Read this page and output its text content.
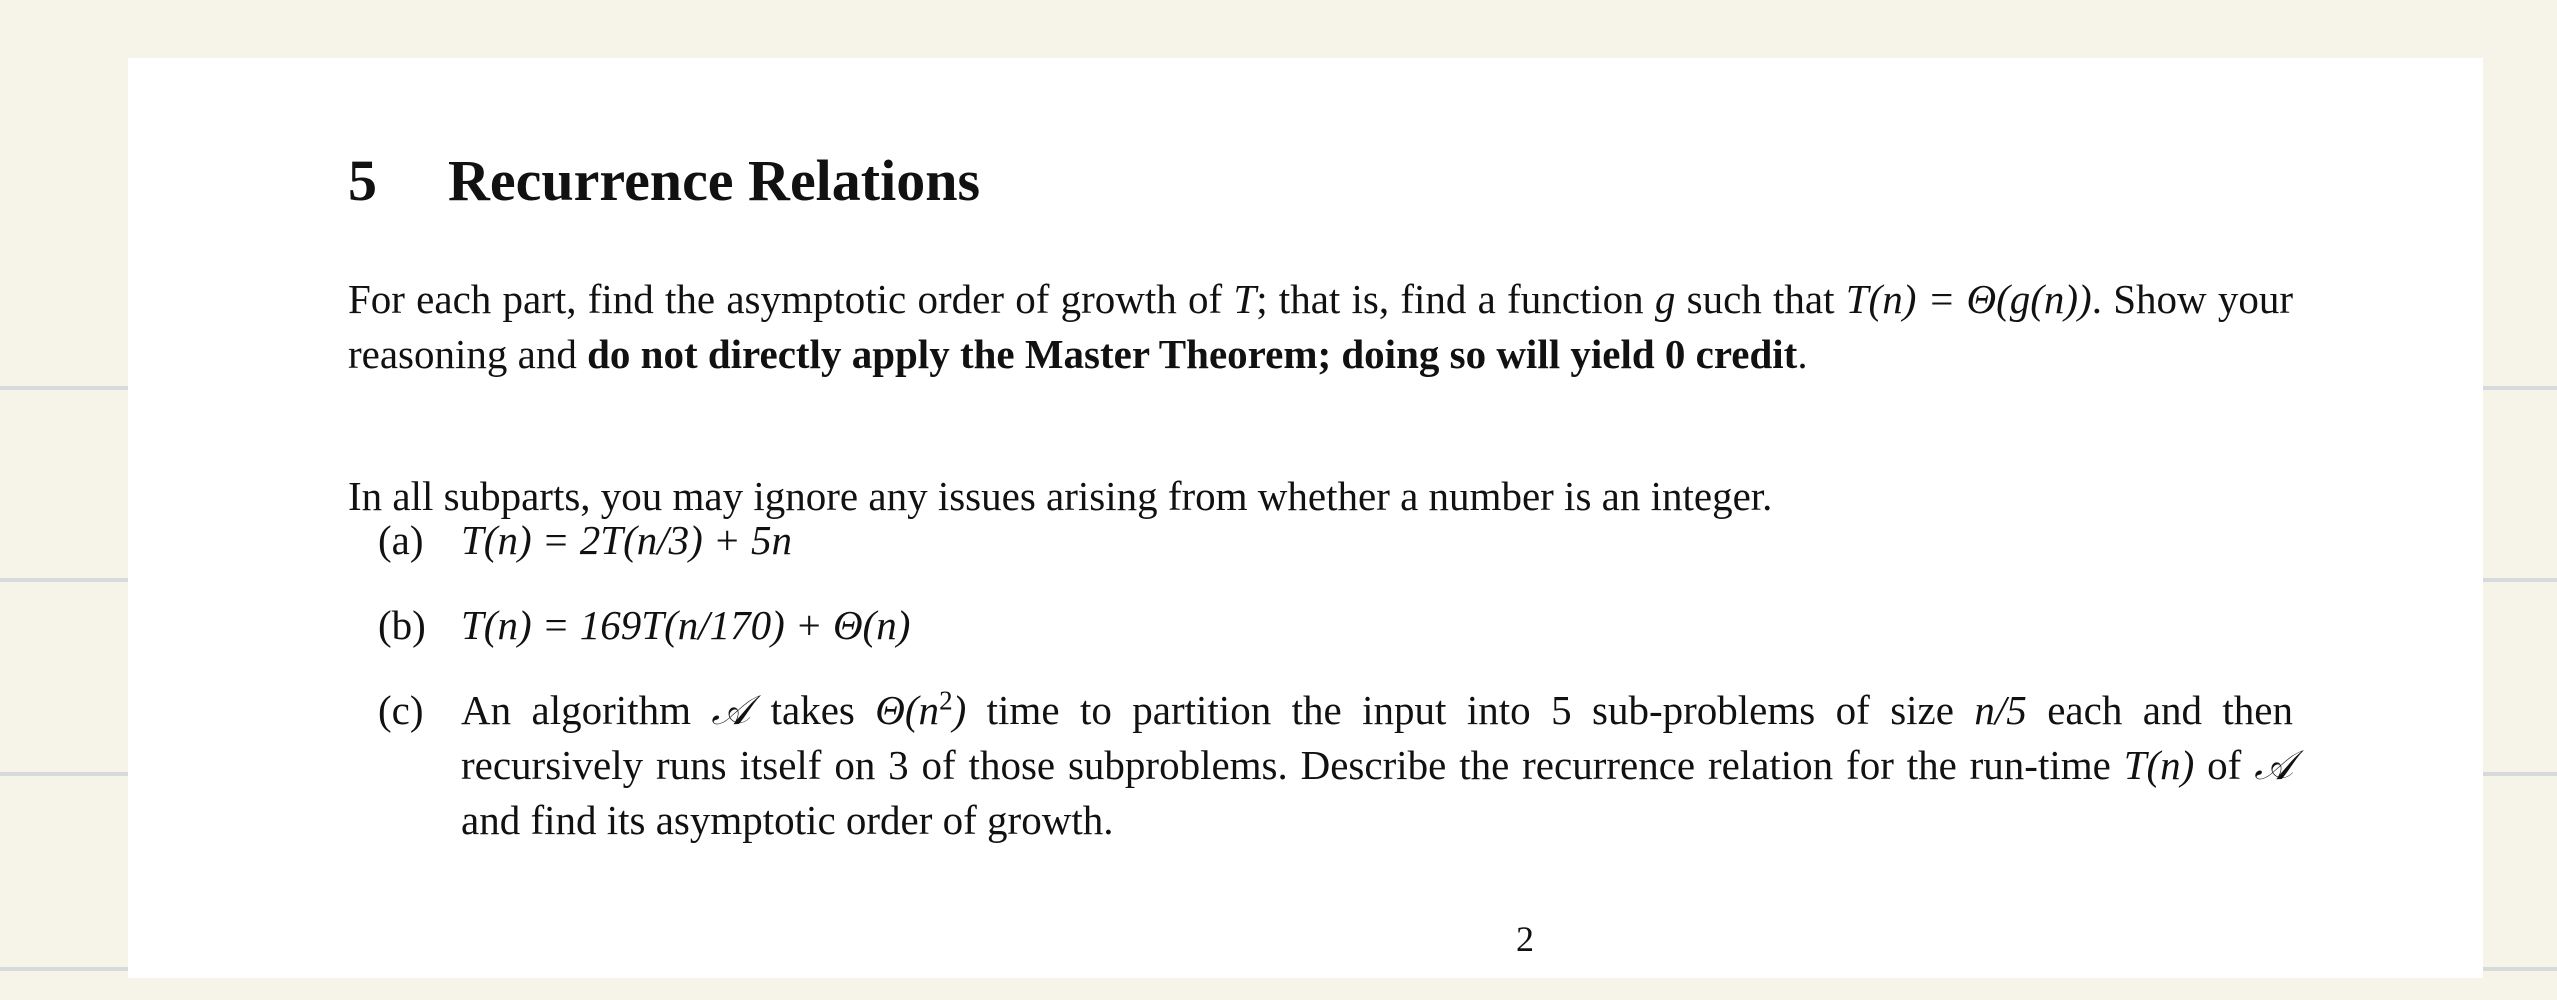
5 Recurrence Relations

For each part, find the asymptotic order of growth of T; that is, find a function g such that T(n) = Θ(g(n)). Show your reasoning and do not directly apply the Master Theorem; doing so will yield 0 credit.

In all subparts, you may ignore any issues arising from whether a number is an integer.

(a) T(n) = 2T(n/3) + 5n
(b) T(n) = 169T(n/170) + Θ(n)
(c) An algorithm 𝒜 takes $\Theta(n^2)$ time to partition the input into 5 sub-problems of size n/5 each and then recursively runs itself on 3 of those subproblems. Describe the recurrence relation for the run-time T(n) of 𝒜 and find its asymptotic order of growth.
2
